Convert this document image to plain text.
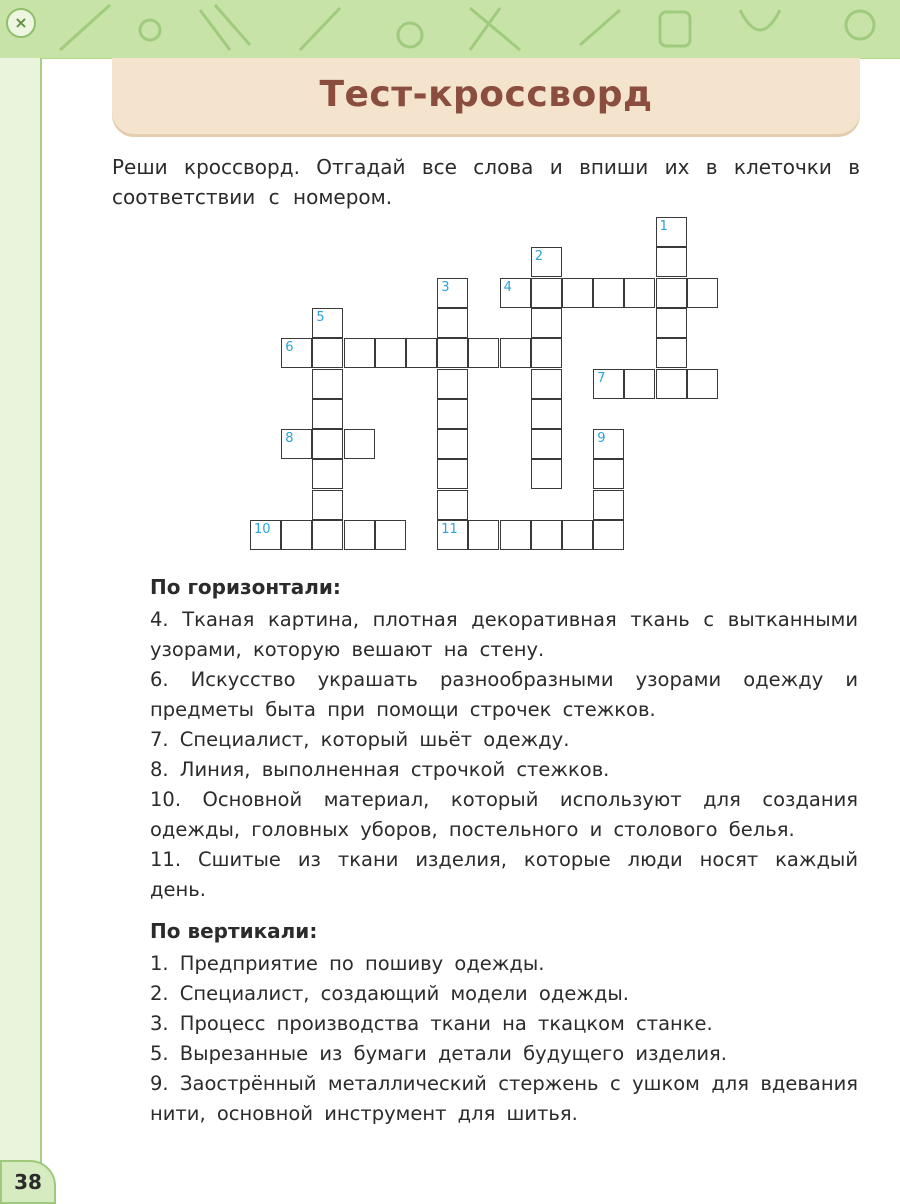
×
Тест-кроссворд
Реши кроссворд. Отгадай все слова и впиши их в клеточки в соответствии с номером.
1
2
3	4
5
6
7
8	9
10	11
По горизонтали:
4. Тканая картина, плотная декоративная ткань с вытканными узорами, которую вешают на стену.
6. Искусство украшать разнообразными узорами одежду и предметы быта при помощи строчек стежков.
7. Специалист, который шьёт одежду.
8. Линия, выполненная строчкой стежков.
10. Основной материал, который используют для создания одежды, головных уборов, постельного и столового белья.
11. Сшитые из ткани изделия, которые люди носят каждый день.
По вертикали:
1. Предприятие по пошиву одежды.
2. Специалист, создающий модели одежды.
3. Процесс производства ткани на ткацком станке.
5. Вырезанные из бумаги детали будущего изделия.
9. Заострённый металлический стержень с ушком для вдевания нити, основной инструмент для шитья.
38
